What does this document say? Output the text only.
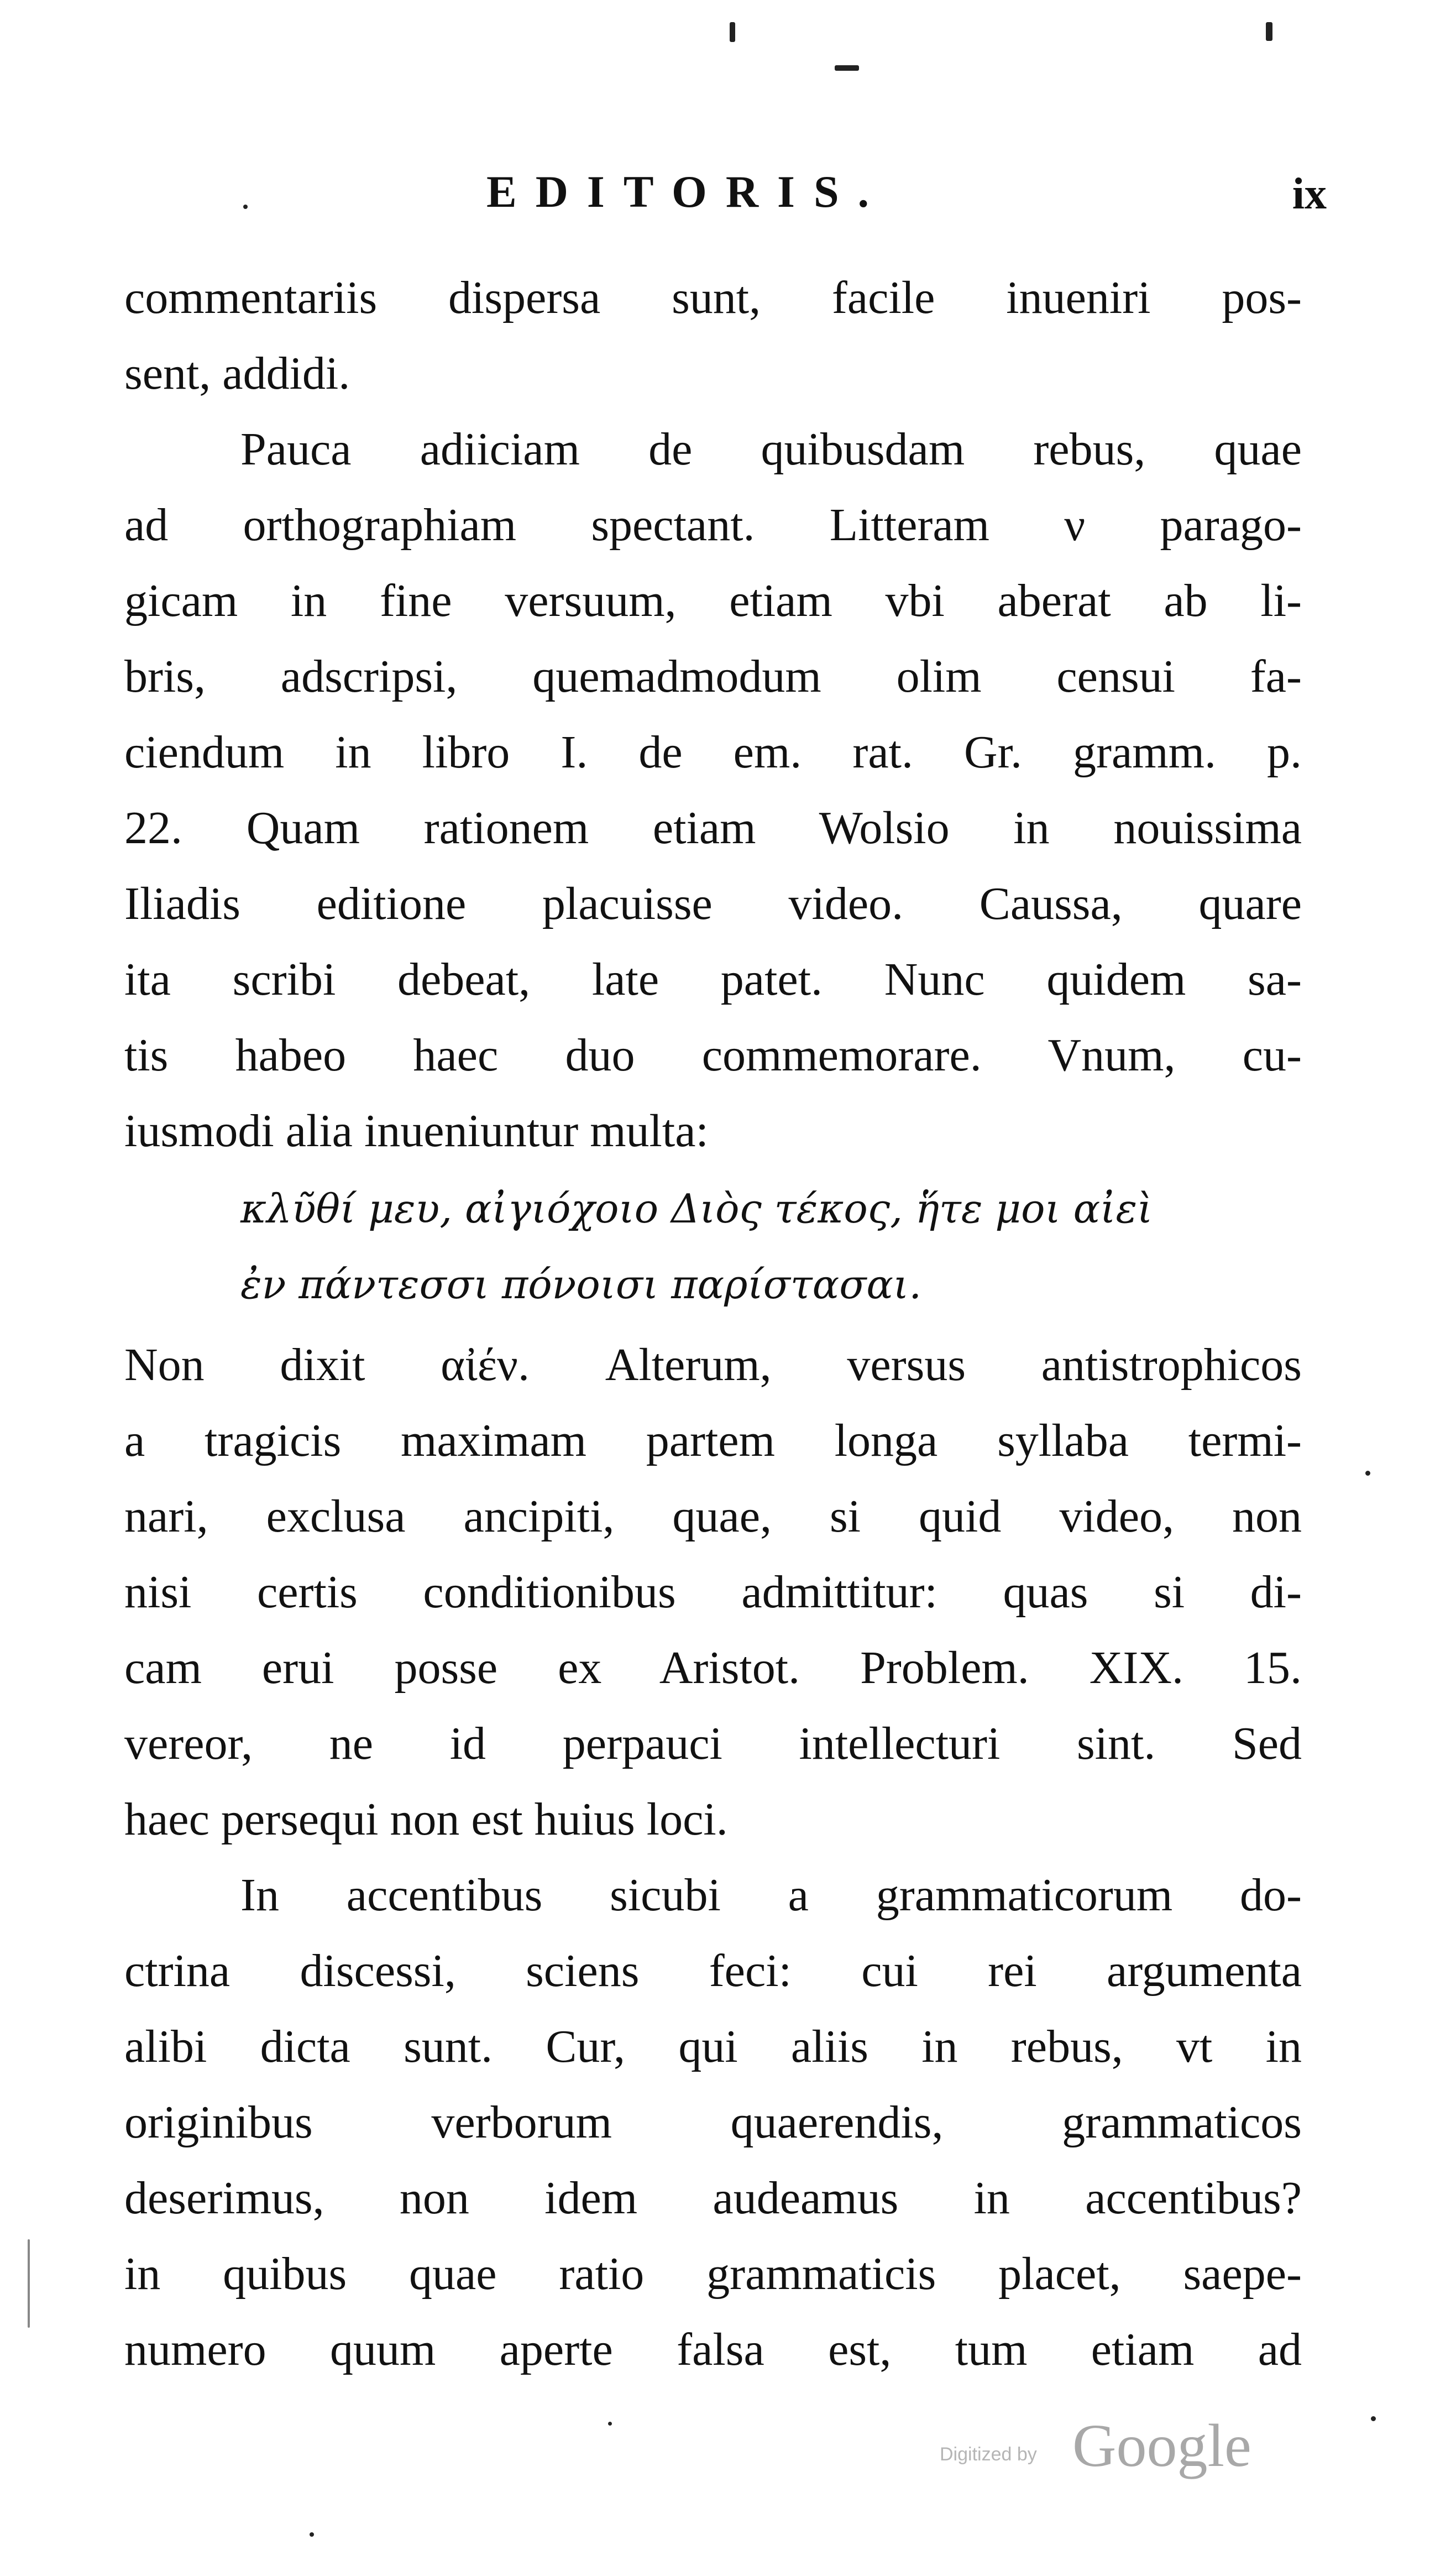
EDITORIS.	ix

commentariis dispersa sunt, facile inueniri pos-
sent, addidi.

Pauca adiiciam de quibusdam rebus, quae
ad orthographiam spectant. Litteram ν parago-
gicam in fine versuum, etiam vbi aberat ab li-
bris, adscripsi, quemadmodum olim censui fa-
ciendum in libro I. de em. rat. Gr. gramm. p.
22. Quam rationem etiam Wolsio in nouissima
Iliadis editione placuisse video. Caussa, quare
ita scribi debeat, late patet. Nunc quidem sa-
tis habeo haec duo commemorare. Vnum, cu-
iusmodi alia inueniuntur multa:

κλῦθί μευ, αἰγιόχοιο Διὸς τέκος, ἥτε μοι αἰεὶ
ἐν πάντεσσι πόνοισι παρίστασαι.

Non dixit αἰέν. Alterum, versus antistrophicos
a tragicis maximam partem longa syllaba termi-
nari, exclusa ancipiti, quae, si quid video, non
nisi certis conditionibus admittitur: quas si di-
cam erui posse ex Aristot. Problem. XIX. 15.
vereor, ne id perpauci intellecturi sint. Sed
haec persequi non est huius loci.

In accentibus sicubi a grammaticorum do-
ctrina discessi, sciens feci: cui rei argumenta
alibi dicta sunt. Cur, qui aliis in rebus, vt in
originibus verborum quaerendis, grammaticos
deserimus, non idem audeamus in accentibus?
in quibus quae ratio grammaticis placet, saepe-
numero quum aperte falsa est, tum etiam ad

Digitized by Google
